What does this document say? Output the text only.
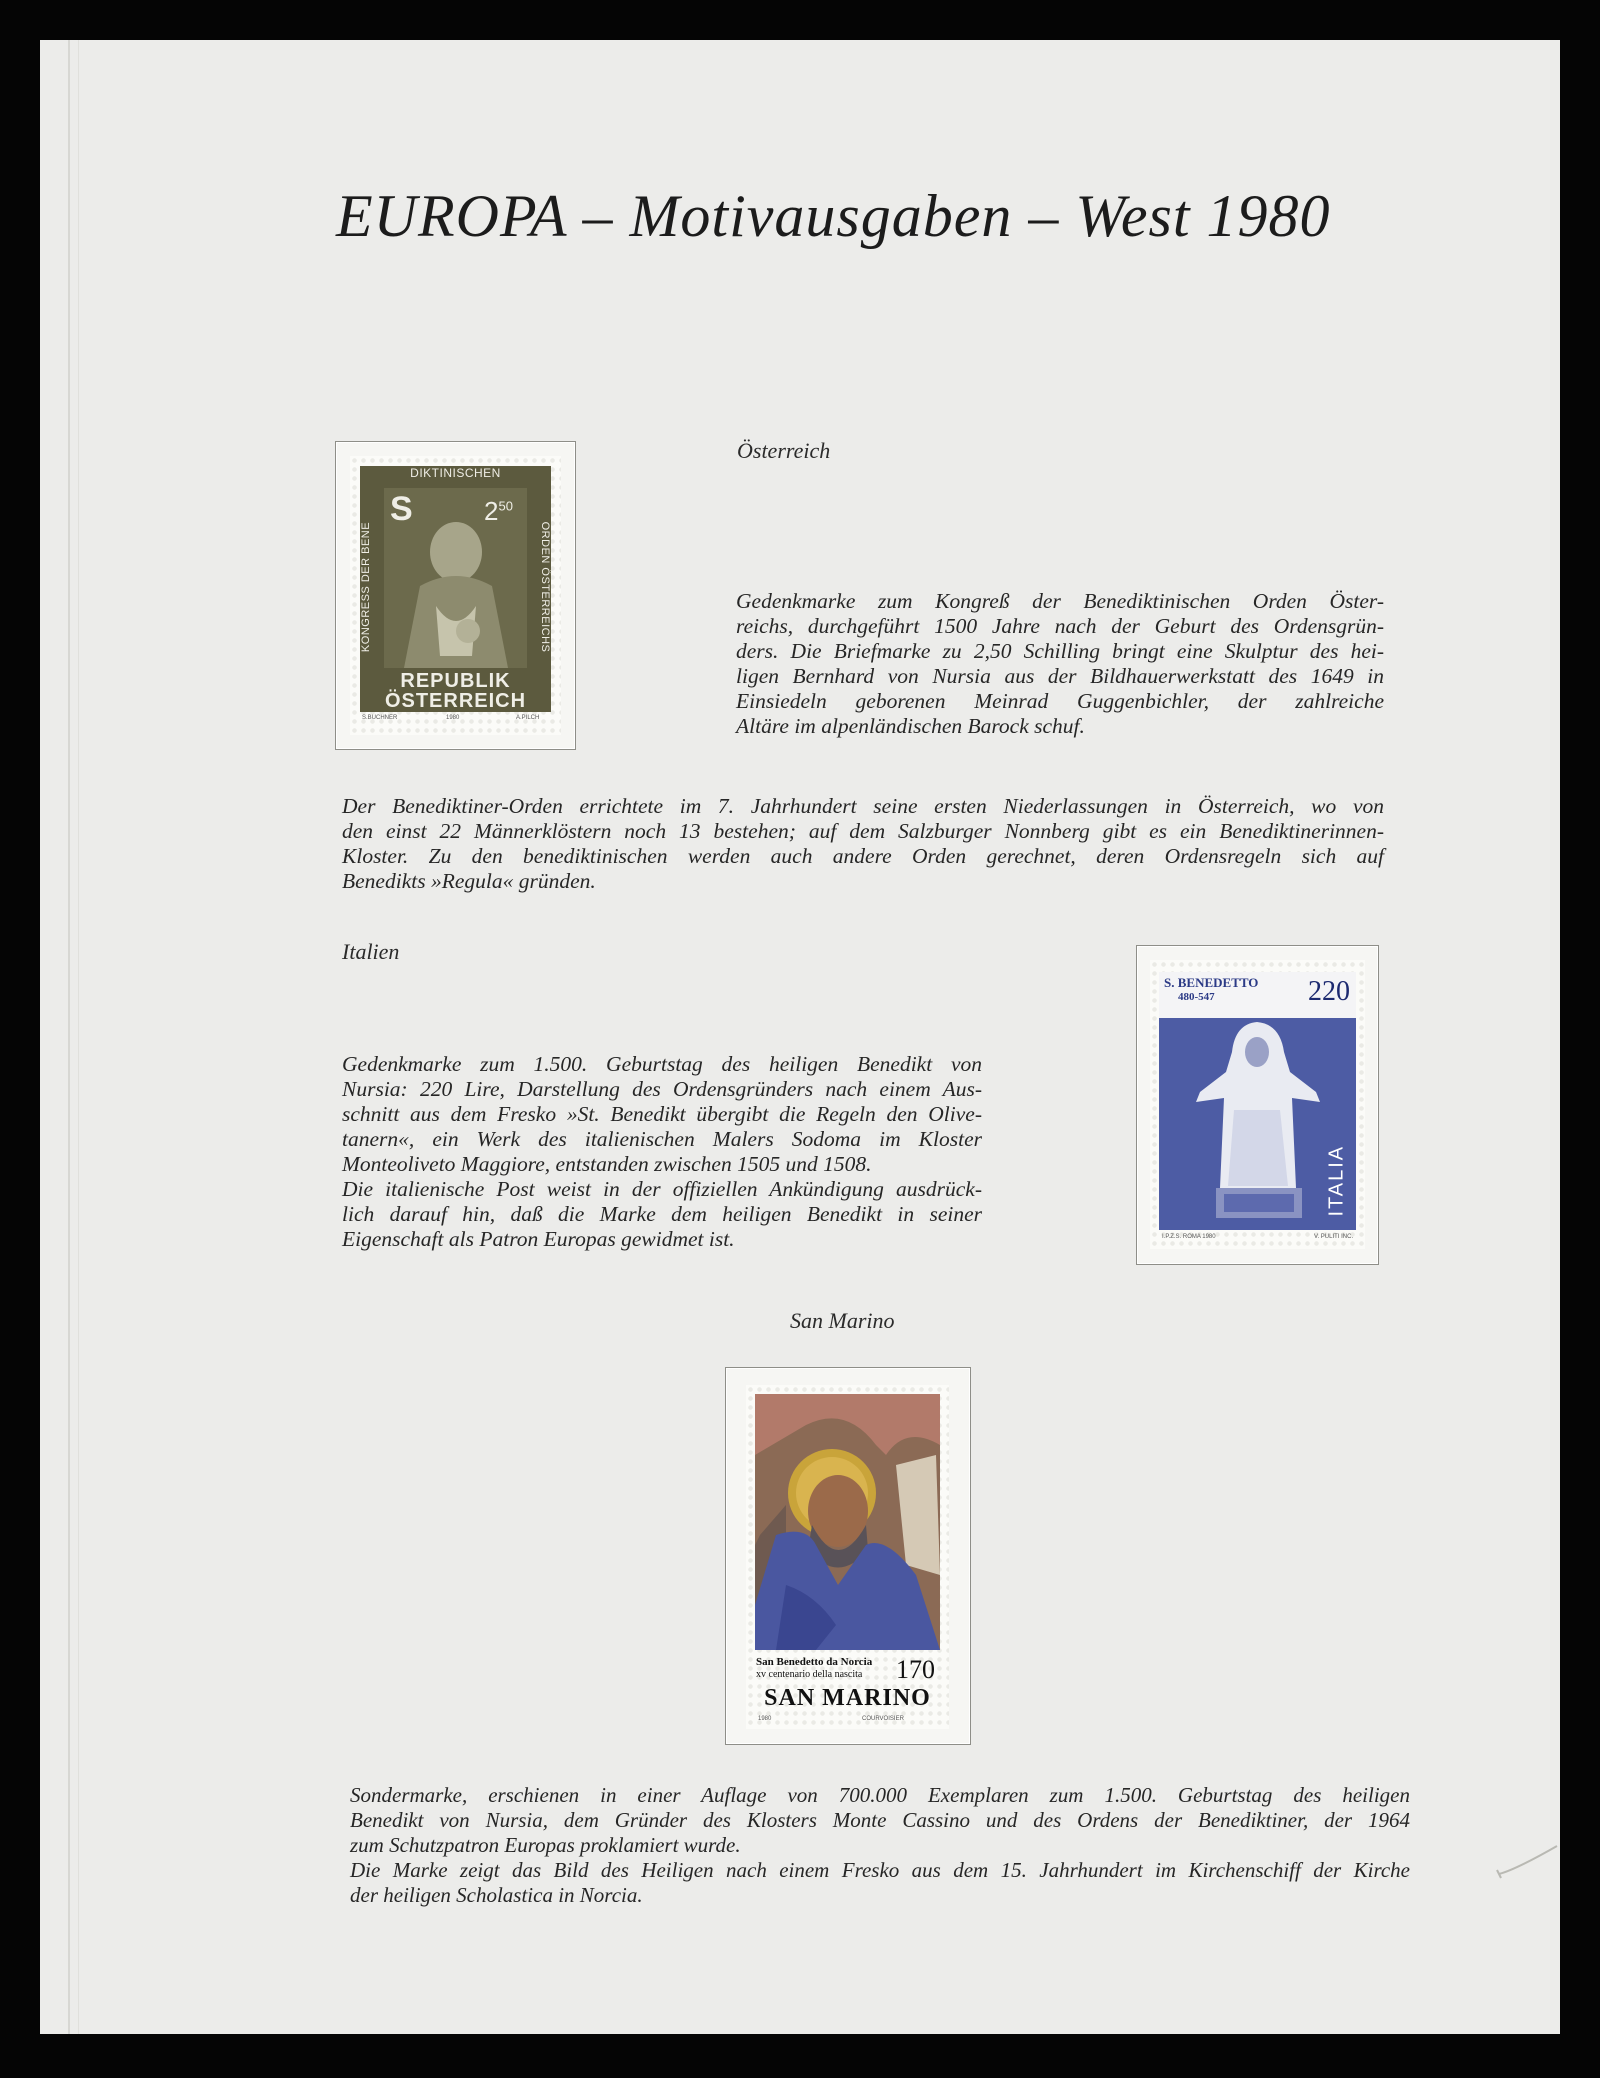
EUROPA – Motivausgaben – West 1980
Österreich
DIKTINISCHEN
KONGRESS DER BENE	ORDEN ÖSTERREICHS
S	$2^{50}$
REPUBLIK
ÖSTERREICH
S.BUCHNER	1980	A.PILCH
Gedenkmarke zum Kongreß der Benediktinischen Orden Öster-
reichs, durchgeführt 1500 Jahre nach der Geburt des Ordensgrün-
ders. Die Briefmarke zu 2,50 Schilling bringt eine Skulptur des hei-
ligen Bernhard von Nursia aus der Bildhauerwerkstatt des 1649 in
Einsiedeln geborenen Meinrad Guggenbichler, der zahlreiche
Altäre im alpenländischen Barock schuf.
Der Benediktiner-Orden errichtete im 7. Jahrhundert seine ersten Niederlassungen in Österreich, wo von
den einst 22 Männerklöstern noch 13 bestehen; auf dem Salzburger Nonnberg gibt es ein Benediktinerinnen-
Kloster. Zu den benediktinischen werden auch andere Orden gerechnet, deren Ordensregeln sich auf
Benedikts »Regula« gründen.
Italien
Gedenkmarke zum 1.500. Geburtstag des heiligen Benedikt von
Nursia: 220 Lire, Darstellung des Ordensgründers nach einem Aus-
schnitt aus dem Fresko »St. Benedikt übergibt die Regeln den Olive-
tanern«, ein Werk des italienischen Malers Sodoma im Kloster
Monteoliveto Maggiore, entstanden zwischen 1505 und 1508.
Die italienische Post weist in der offiziellen Ankündigung ausdrück-
lich darauf hin, daß die Marke dem heiligen Benedikt in seiner
Eigenschaft als Patron Europas gewidmet ist.
S. BENEDETTO
480-547	220
ITALIA
I.P.Z.S. ROMA 1980	V. PULITI INC.
San Marino
San Benedetto da Norcia
xv centenario della nascita 170
SAN MARINO
1980	COURVOISIER
Sondermarke, erschienen in einer Auflage von 700.000 Exemplaren zum 1.500. Geburtstag des heiligen
Benedikt von Nursia, dem Gründer des Klosters Monte Cassino und des Ordens der Benediktiner, der 1964
zum Schutzpatron Europas proklamiert wurde.
Die Marke zeigt das Bild des Heiligen nach einem Fresko aus dem 15. Jahrhundert im Kirchenschiff der Kirche
der heiligen Scholastica in Norcia.
